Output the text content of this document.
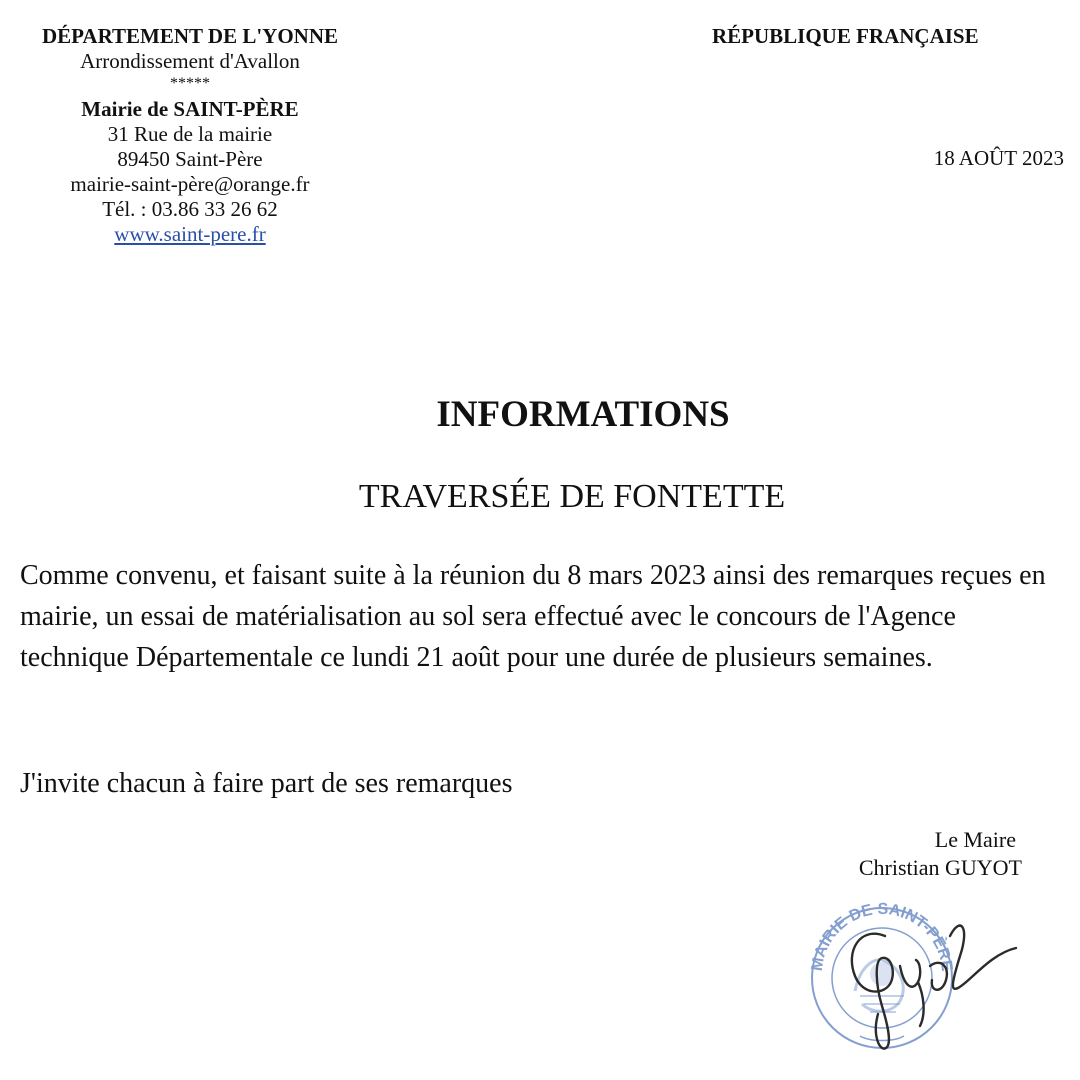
DÉPARTEMENT DE L'YONNE
Arrondissement d'Avallon
*****
Mairie de SAINT-PÈRE
31 Rue de la mairie
89450 Saint-Père
mairie-saint-père@orange.fr
Tél. : 03.86 33 26 62
www.saint-pere.fr
RÉPUBLIQUE FRANÇAISE
18 AOÛT 2023
INFORMATIONS
TRAVERSÉE DE FONTETTE
Comme convenu, et faisant suite à la réunion du 8 mars 2023 ainsi des remarques reçues en mairie, un essai de matérialisation au sol sera effectué avec le concours de l'Agence technique Départementale ce lundi 21 août pour une durée de plusieurs semaines.
J'invite chacun à faire part de ses remarques
Le Maire
Christian GUYOT
MAIRIE DE SAINT-PÈRE
